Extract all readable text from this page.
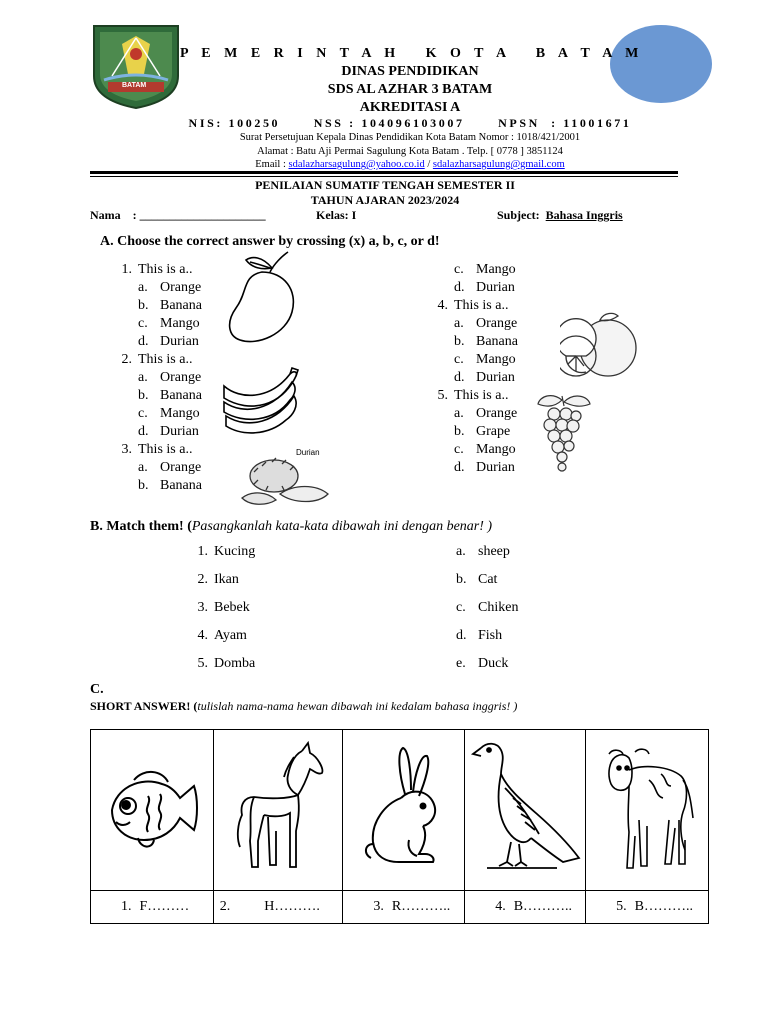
BATAM
P E M E R I N T A H   K O T A   B A T A M
DINAS PENDIDIKAN
SDS AL AZHAR 3 BATAM
AKREDITASI A
NIS: 100250      NSS : 104096103007      NPSN  : 11001671
Surat Persetujuan Kepala Dinas Pendidikan Kota Batam Nomor : 1018/421/2001
Alamat : Batu Aji Permai Sagulung Kota Batam . Telp. [ 0778 ] 3851124
Email : sdalazharsagulung@yahoo.co.id / sdalazharsagulung@gmail.com
PENILAIAN SUMATIF TENGAH SEMESTER II
TAHUN AJARAN 2023/2024
Nama    : _____________________	Kelas: I	Subject:  Bahasa Inggris
A. Choose the correct answer by crossing (x) a, b, c, or d!
1. This is a..
a. Orange
b. Banana
c. Mango
d. Durian
2. This is a..
a. Orange
b. Banana
c. Mango
d. Durian
3. This is a..
a. Orange
b. Banana
c. Mango
d. Durian
4. This is a..
a. Orange
b. Banana
c. Mango
d. Durian
5. This is a..
a. Orange
b. Grape
c. Mango
d. Durian
Durian
B. Match them! (Pasangkanlah kata-kata dibawah ini dengan benar! )
1. Kucing
2. Ikan
3. Bebek
4. Ayam
5. Domba
a. sheep
b. Cat
c. Chiken
d. Fish
e. Duck
C.
SHORT ANSWER! (tulislah nama-nama hewan dibawah ini kedalam bahasa inggris! )

1. F………	2. H……….	3. R………..	4. B………..	5. B………..
